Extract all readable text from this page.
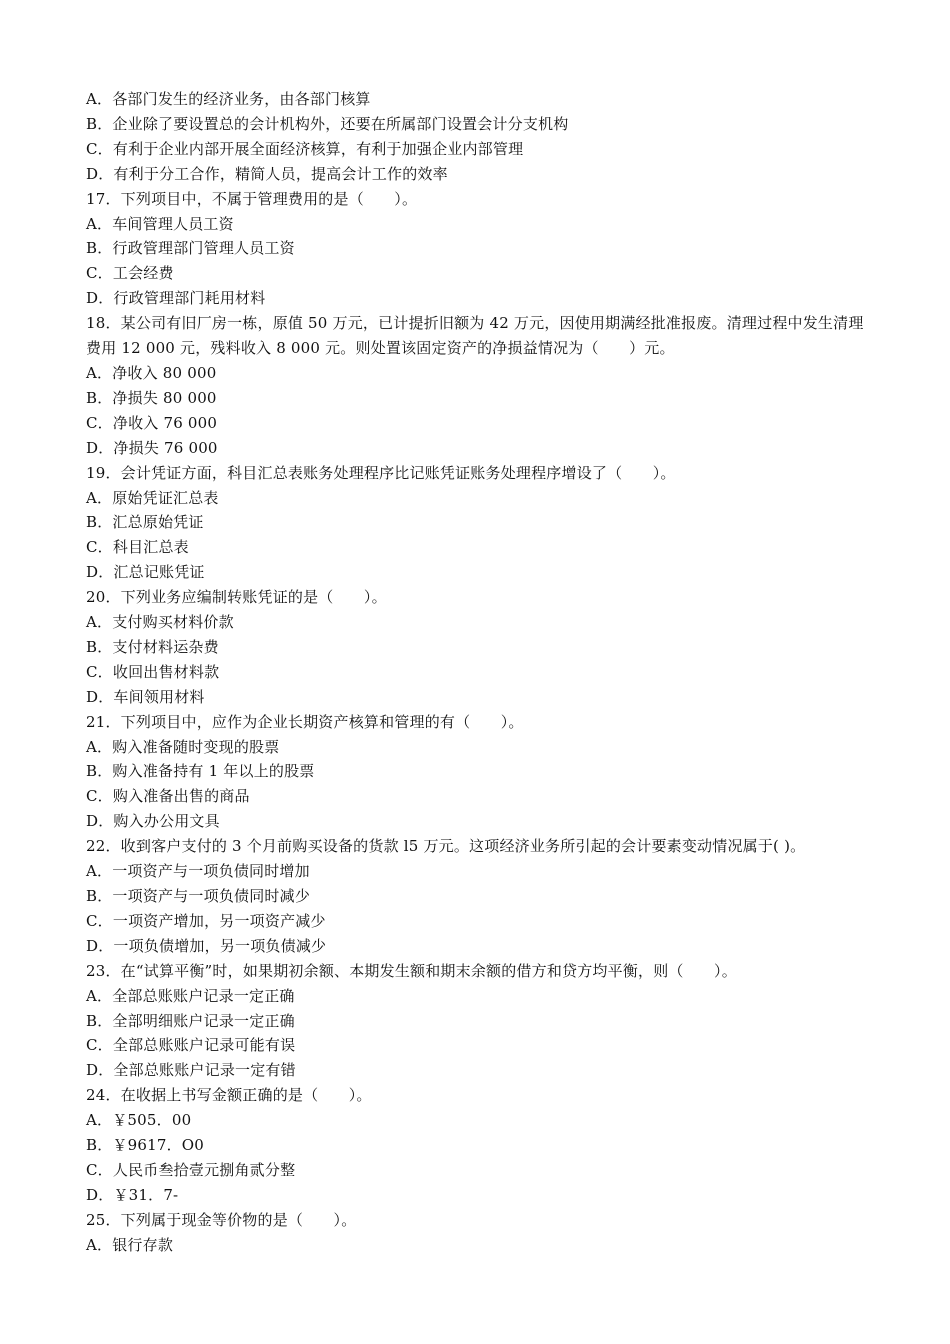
A．各部门发生的经济业务，由各部门核算
B．企业除了要设置总的会计机构外，还要在所属部门设置会计分支机构
C．有利于企业内部开展全面经济核算，有利于加强企业内部管理
D．有利于分工合作，精简人员，提高会计工作的效率
17．下列项目中，不属于管理费用的是（　　）。
A．车间管理人员工资
B．行政管理部门管理人员工资
C．工会经费
D．行政管理部门耗用材料
18．某公司有旧厂房一栋，原值 50 万元，已计提折旧额为 42 万元，因使用期满经批准报废。清理过程中发生清理费用 12 000 元，残料收入 8 000 元。则处置该固定资产的净损益情况为（　　）元。
A．净收入 80 000
B．净损失 80 000
C．净收入 76 000
D．净损失 76 000
19．会计凭证方面，科目汇总表账务处理程序比记账凭证账务处理程序增设了（　　）。
A．原始凭证汇总表
B．汇总原始凭证
C．科目汇总表
D．汇总记账凭证
20．下列业务应编制转账凭证的是（　　）。
A．支付购买材料价款
B．支付材料运杂费
C．收回出售材料款
D．车间领用材料
21．下列项目中，应作为企业长期资产核算和管理的有（　　）。
A．购入准备随时变现的股票
B．购入准备持有 1 年以上的股票
C．购入准备出售的商品
D．购入办公用文具
22．收到客户支付的 3 个月前购买设备的货款 l5 万元。这项经济业务所引起的会计要素变动情况属于( )。
A．一项资产与一项负债同时增加
B．一项资产与一项负债同时减少
C．一项资产增加，另一项资产减少
D．一项负债增加，另一项负债减少
23．在“试算平衡”时，如果期初余额、本期发生额和期末余额的借方和贷方均平衡，则（　　）。
A．全部总账账户记录一定正确
B．全部明细账户记录一定正确
C．全部总账账户记录可能有误
D．全部总账账户记录一定有错
24．在收据上书写金额正确的是（　　）。
A．￥505．00
B．￥9617．O0
C．人民币叁拾壹元捌角贰分整
D．￥31．7-
25．下列属于现金等价物的是（　　）。
A．银行存款
